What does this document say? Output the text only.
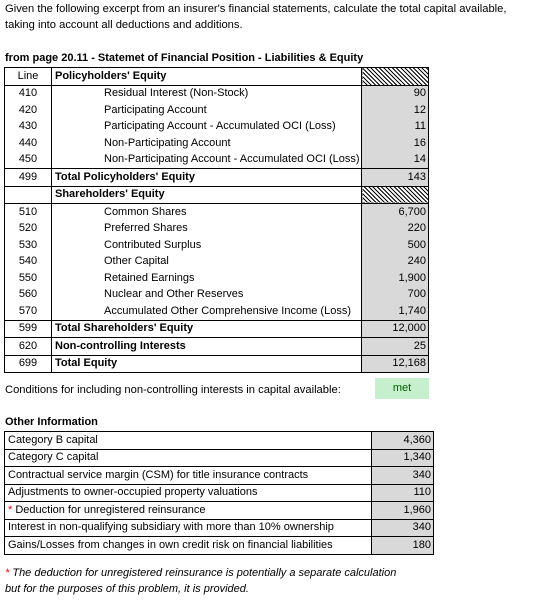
Given the following excerpt from an insurer's financial statements, calculate the total capital available, taking into account all deductions and additions.
from page 20.11 - Statemet of Financial Position - Liabilities & Equity
Line	Policyholders' Equity	
410	Residual Interest (Non-Stock)	90
420	Participating Account	12
430	Participating Account - Accumulated OCI (Loss)	11
440	Non-Participating Account	16
450	Non-Participating Account - Accumulated OCI (Loss)	14
499	Total Policyholders' Equity	143
	Shareholders' Equity	
510	Common Shares	6,700
520	Preferred Shares	220
530	Contributed Surplus	500
540	Other Capital	240
550	Retained Earnings	1,900
560	Nuclear and Other Reserves	700
570	Accumulated Other Comprehensive Income (Loss)	1,740
599	Total Shareholders' Equity	12,000
620	Non-controlling Interests	25
699	Total Equity	12,168
Conditions for including non-controlling interests in capital available:	met
Other Information
Category B capital	4,360
Category C capital	1,340
Contractual service margin (CSM) for title insurance contracts	340
Adjustments to owner-occupied property valuations	110
* Deduction for unregistered reinsurance	1,960
Interest in non-qualifying subsidiary with more than 10% ownership	340
Gains/Losses from changes in own credit risk on financial liabilities	180
* The deduction for unregistered reinsurance is potentially a separate calculation
but for the purposes of this problem, it is provided.
